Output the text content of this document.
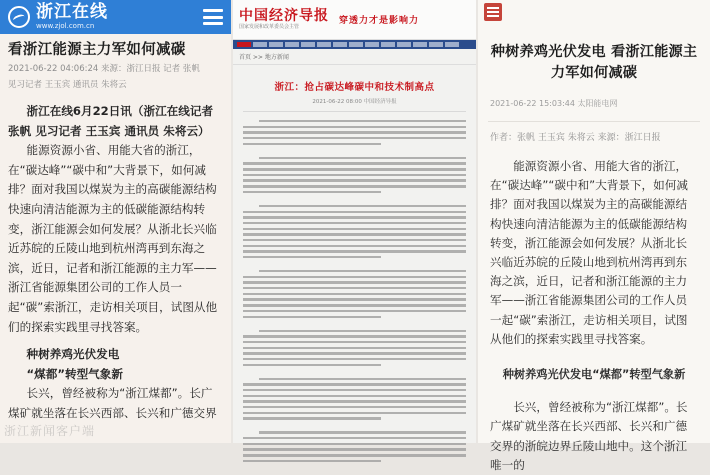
浙江在线
www.zjol.com.cn
看浙江能源主力军如何减碳
2021-06-22 04:06:24 来源：浙江日报 记者 张帆
见习记者 王玉宾 通讯员 朱将云

浙江在线6月22日讯（浙江在线记者 张帆 见习记者 王玉宾 通讯员 朱将云）

能源资源小省、用能大省的浙江，在“碳达峰”“碳中和”大背景下，如何减排？面对我国以煤炭为主的高碳能源结构快速向清洁能源为主的低碳能源结构转变，浙江能源会如何发展？从浙北长兴临近苏皖的丘陵山地到杭州湾再到东海之滨，近日，记者和浙江能源的主力军——浙江省能源集团公司的工作人员一起“碳”索浙江，走访相关项目，试图从他们的探索实践里寻找答案。

种树养鸡光伏发电

“煤都”转型气象新

长兴，曾经被称为“浙江煤都”。长广煤矿就坐落在长兴西部、长兴和广德交界

浙江新闻客户端
中国经济导报
国家发展和改革委员会主管
穿透力才是影响力
首页 >> 地方新闻
浙江：抢占碳达峰碳中和技术制高点
2021-06-22 08:00 中国经济导报
种树养鸡光伏发电 看浙江能源主力军如何减碳
2021-06-22 15:03:44 太阳能电网
作者：张帆 王玉宾 朱将云 来源：浙江日报

能源资源小省、用能大省的浙江，在“碳达峰”“碳中和”大背景下，如何减排？面对我国以煤炭为主的高碳能源结构快速向清洁能源为主的低碳能源结构转变，浙江能源会如何发展？从浙北长兴临近苏皖的丘陵山地到杭州湾再到东海之滨，近日，记者和浙江能源的主力军——浙江省能源集团公司的工作人员一起“碳”索浙江，走访相关项目，试图从他们的探索实践里寻找答案。

种树养鸡光伏发电“煤都”转型气象新

长兴，曾经被称为“浙江煤都”。长广煤矿就坐落在长兴西部、长兴和广德交界的浙皖边界丘陵山地中。这个浙江唯一的
